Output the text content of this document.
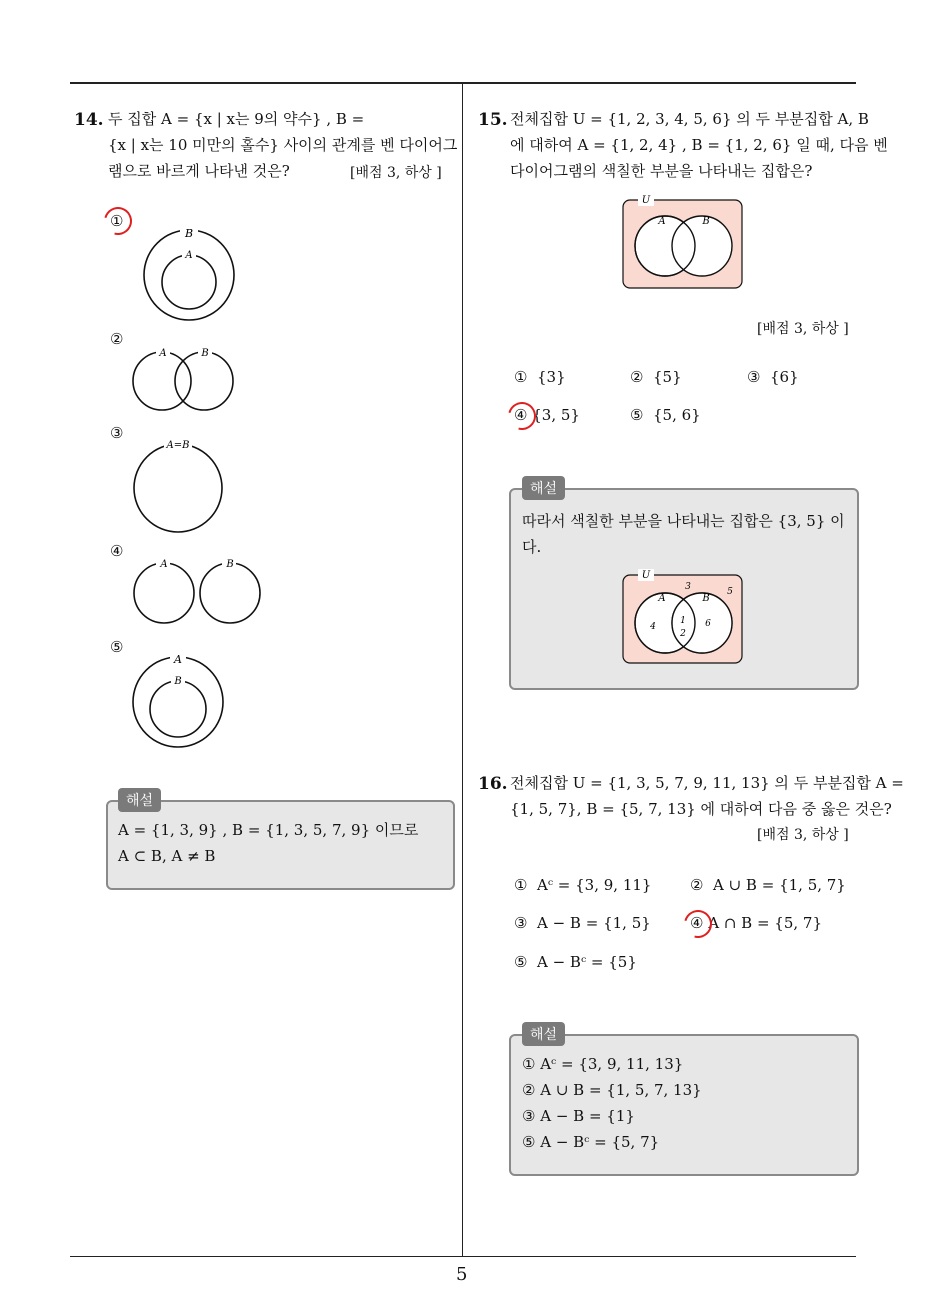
5
14. 두 집합 A = {x | x는 9의 약수} , B =
{x | x는 10 미만의 홀수} 사이의 관계를 벤 다이어그
램으로 바르게 나타낸 것은?	[배점 3, 하상 ]
①
②
③
④
⑤
B
A
A	B
A=B
A	B
A
B
해설
A = {1, 3, 9} , B = {1, 3, 5, 7, 9} 이므로
A ⊂ B, A ≠ B
15. 전체집합 U = {1, 2, 3, 4, 5, 6} 의 두 부분집합 A, B
에 대하여 A = {1, 2, 4} , B = {1, 2, 6} 일 때, 다음 벤
다이어그램의 색칠한 부분을 나타내는 집합은?
U
A	B
[배점 3, 하상 ]
① {3}	② {5}	③ {6}
④ {3, 5}	⑤ {5, 6}
해설
따라서 색칠한 부분을 나타내는 집합은 {3, 5} 이
다.
U
A	B
3	5
4
1
2
6
16. 전체집합 U = {1, 3, 5, 7, 9, 11, 13} 의 두 부분집합 A =
{1, 5, 7}, B = {5, 7, 13} 에 대하여 다음 중 옳은 것은?
[배점 3, 하상 ]
① Aᶜ = {3, 9, 11}	② A ∪ B = {1, 5, 7}
③ A − B = {1, 5}	④ A ∩ B = {5, 7}
⑤ A − Bᶜ = {5}
해설
① Aᶜ = {3, 9, 11, 13}
② A ∪ B = {1, 5, 7, 13}
③ A − B = {1}
⑤ A − Bᶜ = {5, 7}
